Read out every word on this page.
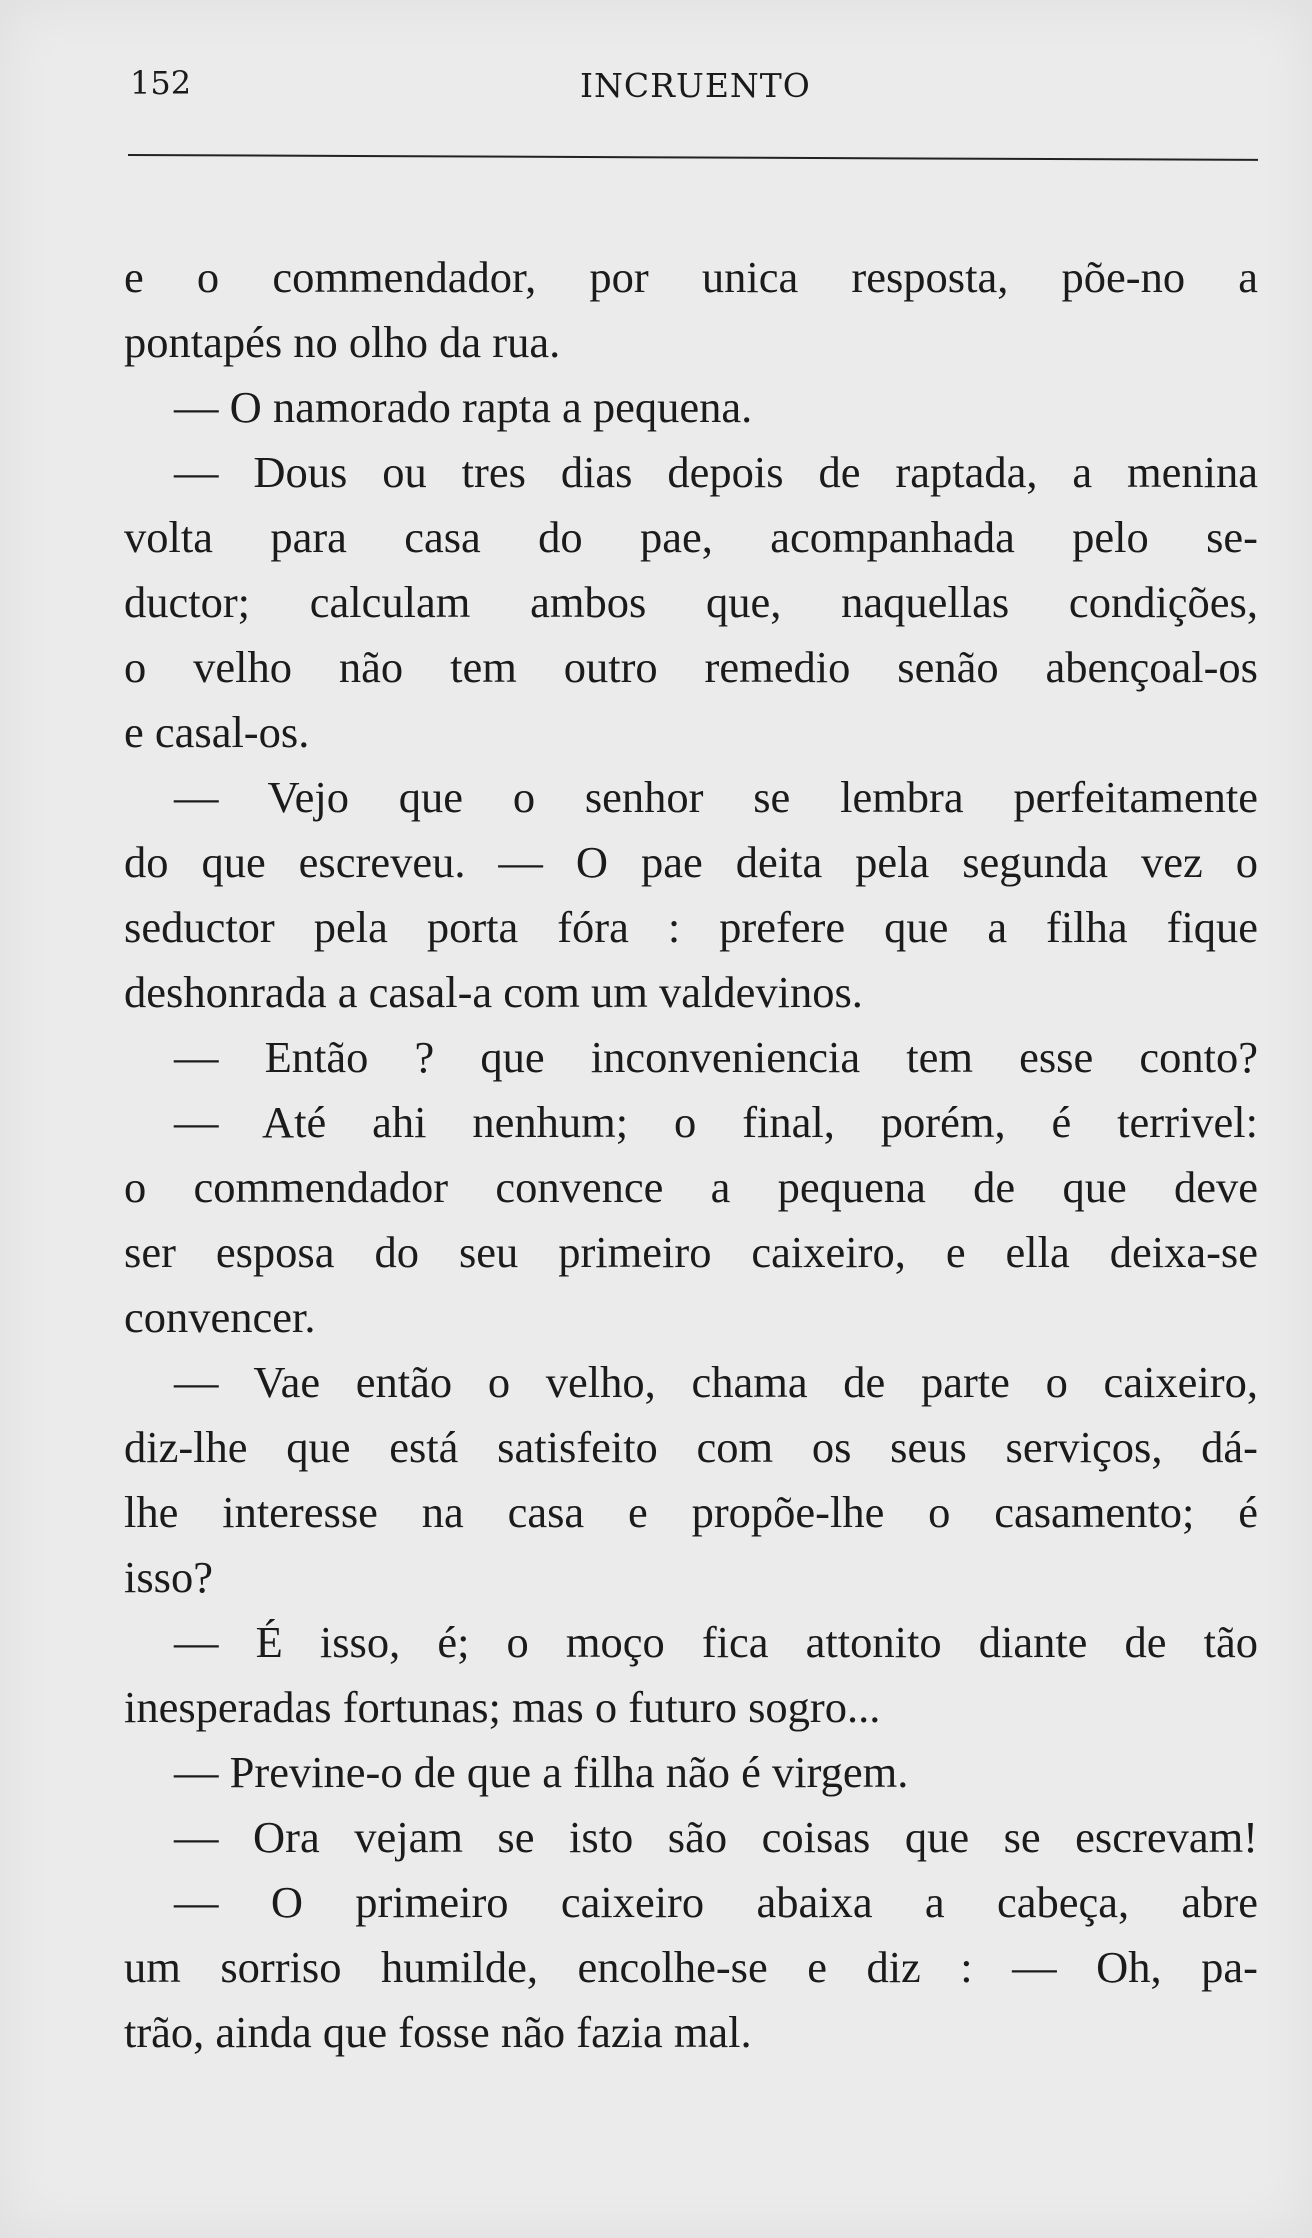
152	INCRUENTO
e o commendador, por unica resposta, põe-no a
pontapés no olho da rua.
— O namorado rapta a pequena.
— Dous ou tres dias depois de raptada, a menina
volta para casa do pae, acompanhada pelo se-
ductor; calculam ambos que, naquellas condições,
o velho não tem outro remedio senão abençoal-os
e casal-os.
— Vejo que o senhor se lembra perfeitamente
do que escreveu. — O pae deita pela segunda vez o
seductor pela porta fóra : prefere que a filha fique
deshonrada a casal-a com um valdevinos.
— Então ? que inconveniencia tem esse conto?
— Até ahi nenhum; o final, porém, é terrivel:
o commendador convence a pequena de que deve
ser esposa do seu primeiro caixeiro, e ella deixa-se
convencer.
— Vae então o velho, chama de parte o caixeiro,
diz-lhe que está satisfeito com os seus serviços, dá-
lhe interesse na casa e propõe-lhe o casamento; é
isso?
— É isso, é; o moço fica attonito diante de tão
inesperadas fortunas; mas o futuro sogro...
— Previne-o de que a filha não é virgem.
— Ora vejam se isto são coisas que se escrevam!
— O primeiro caixeiro abaixa a cabeça, abre
um sorriso humilde, encolhe-se e diz : — Oh, pa-
trão, ainda que fosse não fazia mal.
